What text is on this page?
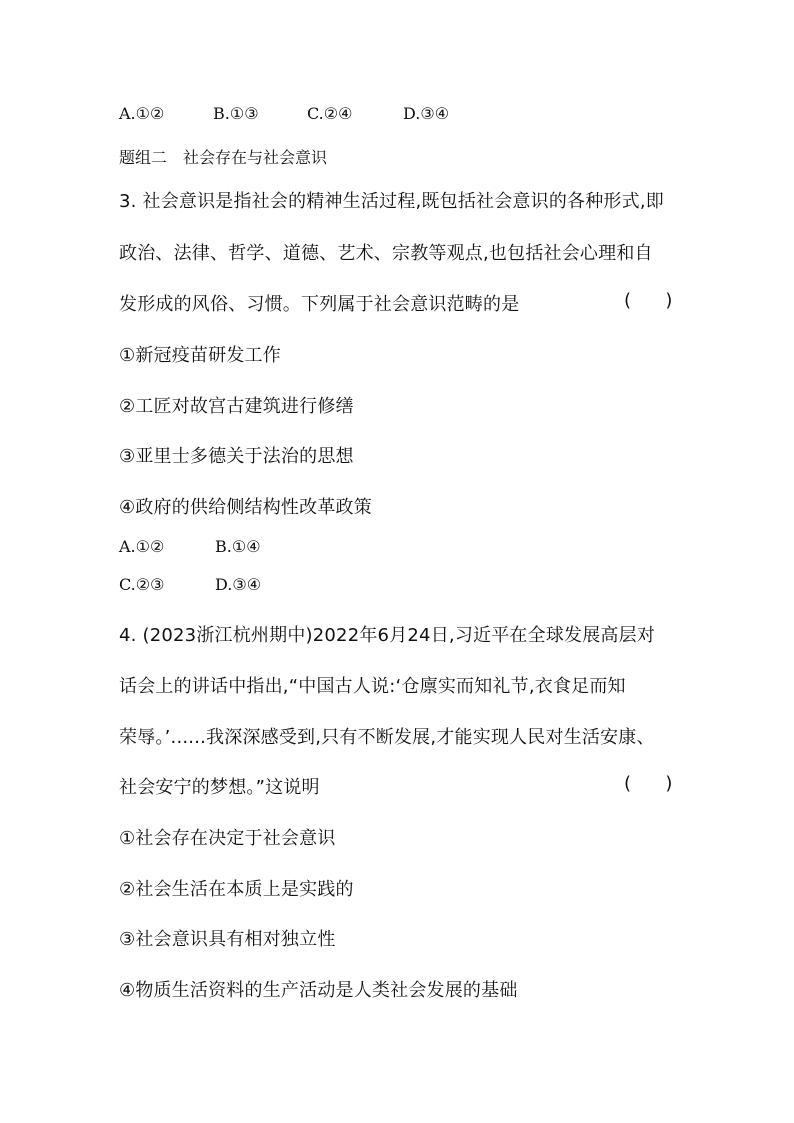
A.①②	B.①③	C.②④	D.③④
题组二　社会存在与社会意识
3. 社会意识是指社会的精神生活过程,既包括社会意识的各种形式,即
政治、法律、哲学、道德、艺术、宗教等观点,也包括社会心理和自
发形成的风俗、习惯。下列属于社会意识范畴的是	(      )
①新冠疫苗研发工作
②工匠对故宫古建筑进行修缮
③亚里士多德关于法治的思想
④政府的供给侧结构性改革政策
A.①②	B.①④
C.②③	D.③④
4. (2023浙江杭州期中)2022年6月24日,习近平在全球发展高层对
话会上的讲话中指出,“中国古人说:‘仓廪实而知礼节,衣食足而知
荣辱。’......我深深感受到,只有不断发展,才能实现人民对生活安康、
社会安宁的梦想。”这说明	(      )
①社会存在决定于社会意识
②社会生活在本质上是实践的
③社会意识具有相对独立性
④物质生活资料的生产活动是人类社会发展的基础
